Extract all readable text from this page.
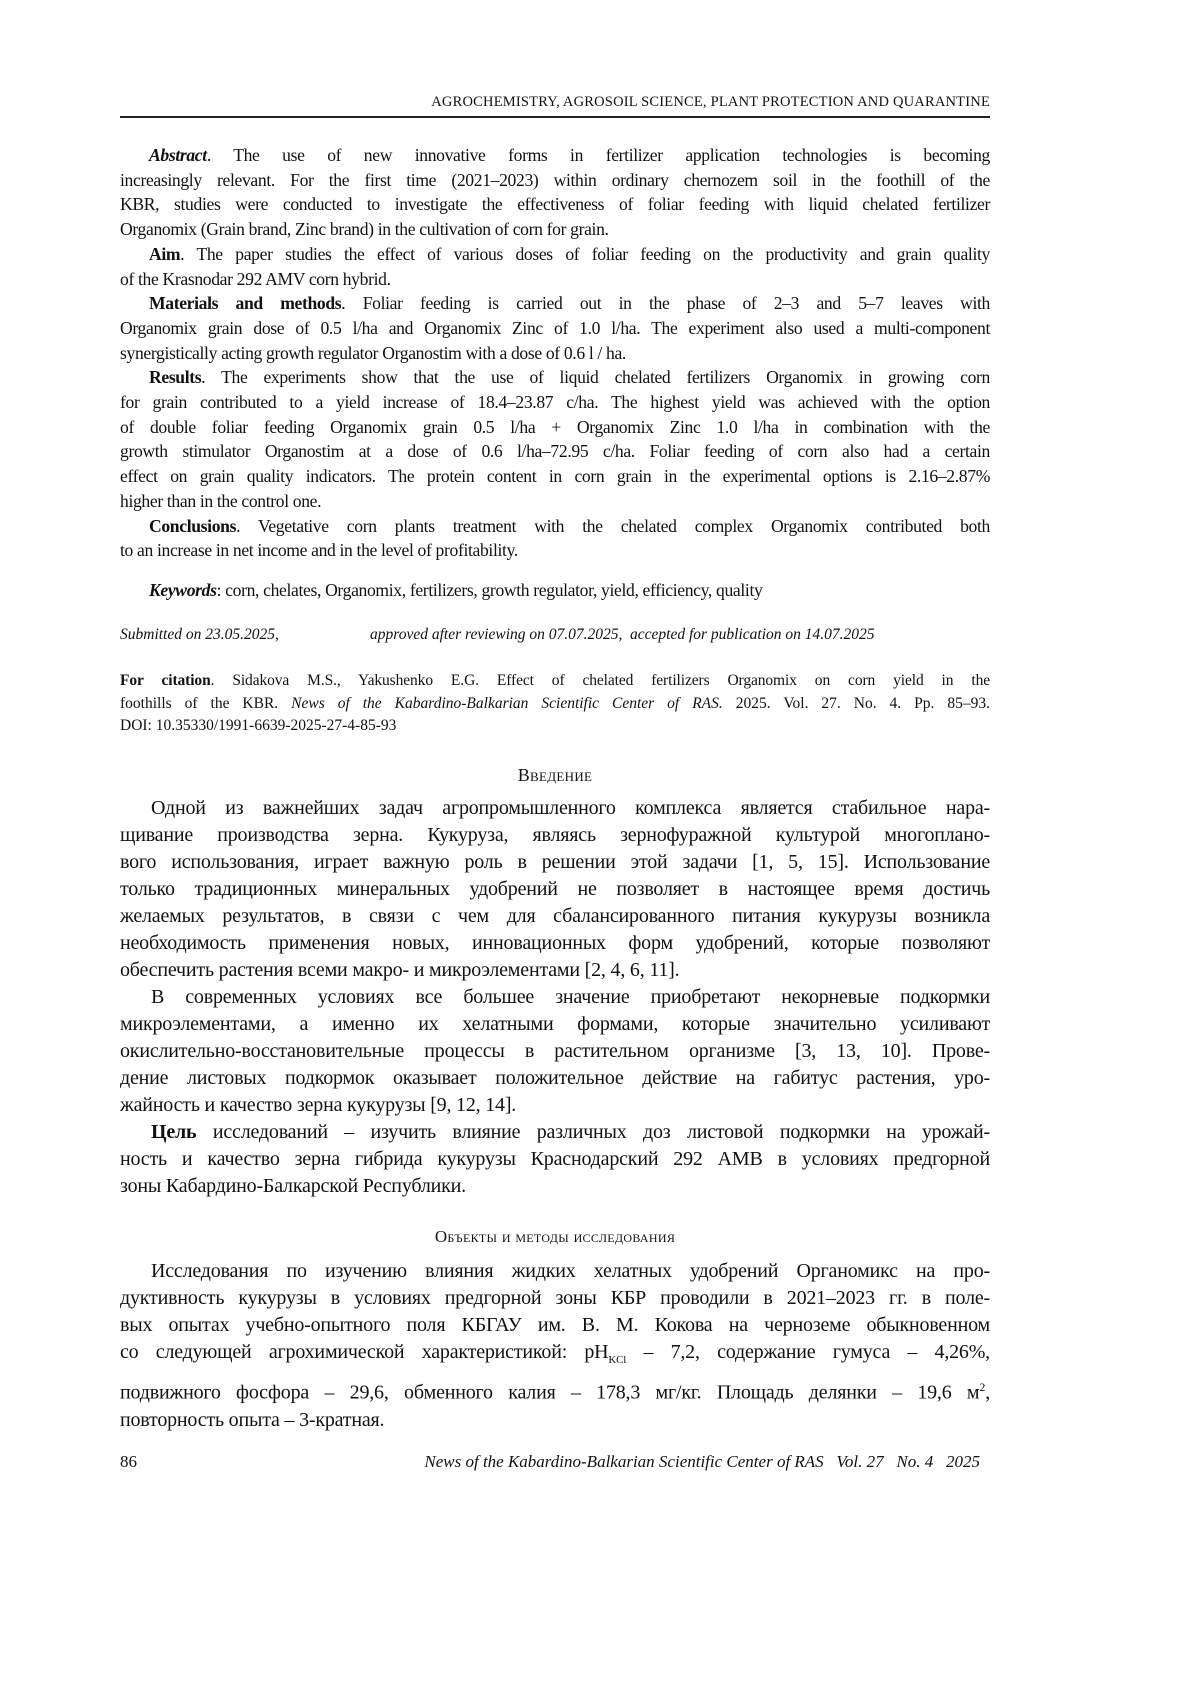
AGROCHEMISTRY, AGROSOIL SCIENCE, PLANT PROTECTION AND QUARANTINE
Abstract. The use of new innovative forms in fertilizer application technologies is becoming
increasingly relevant. For the first time (2021–2023) within ordinary chernozem soil in the foothill of the
KBR, studies were conducted to investigate the effectiveness of foliar feeding with liquid chelated fertilizer
Organomix (Grain brand, Zinc brand) in the cultivation of corn for grain.
Aim. The paper studies the effect of various doses of foliar feeding on the productivity and grain quality
of the Krasnodar 292 AMV corn hybrid.
Materials and methods. Foliar feeding is carried out in the phase of 2–3 and 5–7 leaves with
Organomix grain dose of 0.5 l/ha and Organomix Zinc of 1.0 l/ha. The experiment also used a multi-component
synergistically acting growth regulator Organostim with a dose of 0.6 l / ha.
Results. The experiments show that the use of liquid chelated fertilizers Organomix in growing corn
for grain contributed to a yield increase of 18.4–23.87 c/ha. The highest yield was achieved with the option
of double foliar feeding Organomix grain 0.5 l/ha + Organomix Zinc 1.0 l/ha in combination with the
growth stimulator Organostim at a dose of 0.6 l/ha–72.95 c/ha. Foliar feeding of corn also had a certain
effect on grain quality indicators. The protein content in corn grain in the experimental options is 2.16–2.87%
higher than in the control one.
Conclusions. Vegetative corn plants treatment with the chelated complex Organomix contributed both
to an increase in net income and in the level of profitability.
Keywords: corn, chelates, Organomix, fertilizers, growth regulator, yield, efficiency, quality
Submitted on 23.05.2025,	approved after reviewing on 07.07.2025, accepted for publication on 14.07.2025
For citation. Sidakova M.S., Yakushenko E.G. Effect of chelated fertilizers Organomix on corn yield in the
foothills of the KBR. News of the Kabardino-Balkarian Scientific Center of RAS. 2025. Vol. 27. No. 4. Pp. 85–93.
DOI: 10.35330/1991-6639-2025-27-4-85-93
Введение
Одной из важнейших задач агропромышленного комплекса является стабильное нара-
щивание производства зерна. Кукуруза, являясь зернофуражной культурой многопланo-
вого использования, играет важную роль в решении этой задачи [1, 5, 15]. Использование
только традиционных минеральных удобрений не позволяет в настоящее время достичь
желаемых результатов, в связи с чем для сбалансированного питания кукурузы возникла
необходимость применения новых, инновационных форм удобрений, которые позволяют
обеспечить растения всеми макро- и микроэлементами [2, 4, 6, 11].
В современных условиях все большее значение приобретают некорневые подкормки
микроэлементами, а именно их хелатными формами, которые значительно усиливают
окислительно-восстановительные процессы в растительном организме [3, 13, 10]. Прове-
дение листовых подкормок оказывает положительное действие на габитус растения, уро-
жайность и качество зерна кукурузы [9, 12, 14].
Цель исследований – изучить влияние различных доз листовой подкормки на урожай-
ность и качество зерна гибрида кукурузы Краснодарский 292 АМВ в условиях предгорной
зоны Кабардино-Балкарской Республики.
Объекты и методы исследования
Исследования по изучению влияния жидких хелатных удобрений Органомикс на про-
дуктивность кукурузы в условиях предгорной зоны КБР проводили в 2021–2023 гг. в поле-
вых опытах учебно-опытного поля КБГАУ им. В. М. Кокова на черноземе обыкновенном
со следующей агрохимической характеристикой: $pH_{KCl} - 7,2$, содержание гумуса – 4,26%,
подвижного фосфора – 29,6, обменного калия – 178,3 мг/кг. Площадь делянки – 19,6 $м^2$,
повторность опыта – 3-кратная.
86	News of the Kabardino-Balkarian Scientific Center of RAS   Vol. 27   No. 4   2025
